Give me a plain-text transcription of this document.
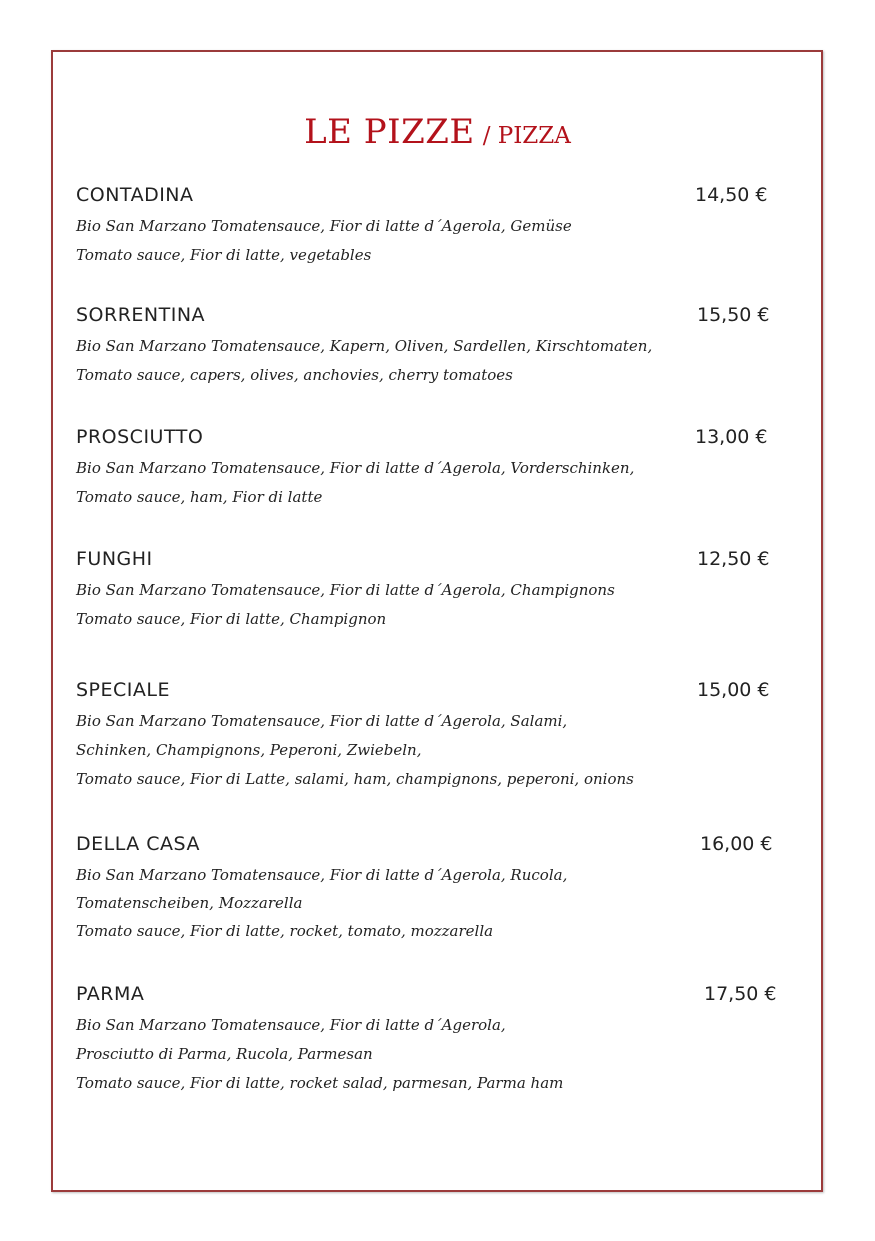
LE PIZZE / PIZZA
CONTADINA	14,50 €
Bio San Marzano Tomatensauce, Fior di latte d´Agerola, Gemüse
Tomato sauce, Fior di latte, vegetables
SORRENTINA	15,50 €
Bio San Marzano Tomatensauce, Kapern, Oliven, Sardellen, Kirschtomaten,
Tomato sauce, capers, olives, anchovies, cherry tomatoes
PROSCIUTTO	13,00 €
Bio San Marzano Tomatensauce, Fior di latte d´Agerola, Vorderschinken,
Tomato sauce, ham, Fior di latte
FUNGHI	12,50 €
Bio San Marzano Tomatensauce, Fior di latte d´Agerola, Champignons
Tomato sauce, Fior di latte, Champignon
SPECIALE	15,00 €
Bio San Marzano Tomatensauce, Fior di latte d´Agerola, Salami,
Schinken, Champignons, Peperoni, Zwiebeln,
Tomato sauce, Fior di Latte, salami, ham, champignons, peperoni, onions
DELLA CASA	16,00 €
Bio San Marzano Tomatensauce, Fior di latte d´Agerola, Rucola,
Tomatenscheiben, Mozzarella
Tomato sauce, Fior di latte, rocket, tomato, mozzarella
PARMA	17,50 €
Bio San Marzano Tomatensauce, Fior di latte d´Agerola,
Prosciutto di Parma, Rucola, Parmesan
Tomato sauce, Fior di latte, rocket salad, parmesan, Parma ham
